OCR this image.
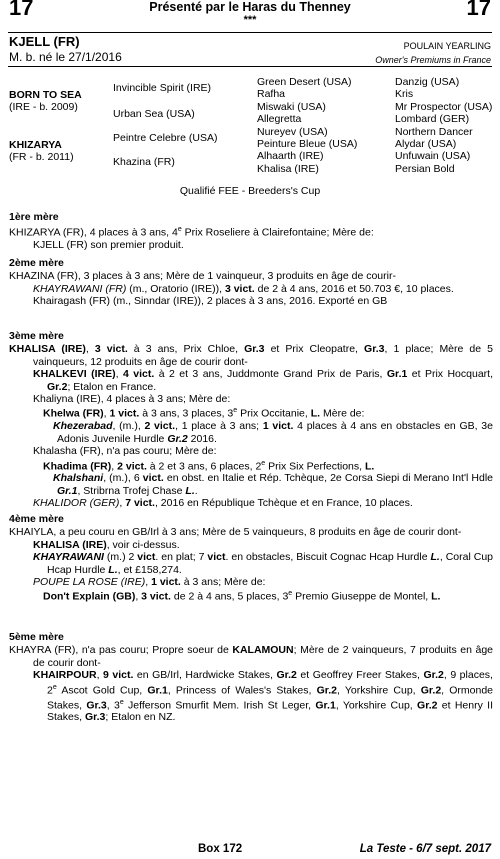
17	17
Présenté par le Haras du Thenney
***
KJELL (FR)
M. b. né le 27/1/2016
POULAIN YEARLING
Owner's Premiums in France
BORN TO SEA
(IRE - b. 2009)
KHIZARYA
(FR - b. 2011)
Invincible Spirit (IRE)
Urban Sea (USA)
Peintre Celebre (USA)
Khazina (FR)
Green Desert (USA)
Rafha
Miswaki (USA)
Allegretta
Nureyev (USA)
Peinture Bleue (USA)
Alhaarth (IRE)
Khalisa (IRE)
Danzig (USA)
Kris
Mr Prospector (USA)
Lombard (GER)
Northern Dancer
Alydar (USA)
Unfuwain (USA)
Persian Bold
Qualifié FEE - Breeders's Cup
1ère mère

KHIZARYA (FR), 4 places à 3 ans, 4e Prix Roseliere à Clairefontaine; Mère de:

KJELL (FR) son premier produit.

2ème mère

KHAZINA (FR), 3 places à 3 ans; Mère de 1 vainqueur, 3 produits en âge de courir-

KHAYRAWANI (FR) (m., Oratorio (IRE)), 3 vict. de 2 à 4 ans, 2016 et 50.703 €, 10 places.

Khairagash (FR) (m., Sinndar (IRE)), 2 places à 3 ans, 2016. Exporté en GB

3ème mère

KHALISA (IRE), 3 vict. à 3 ans, Prix Chloe, Gr.3 et Prix Cleopatre, Gr.3, 1 place; Mère de 5 vainqueurs, 12 produits en âge de courir dont-

KHALKEVI (IRE), 4 vict. à 2 et 3 ans, Juddmonte Grand Prix de Paris, Gr.1 et Prix Hocquart, Gr.2; Etalon en France.

Khaliyna (IRE), 4 places à 3 ans; Mère de:

Khelwa (FR), 1 vict. à 3 ans, 3 places, 3e Prix Occitanie, L. Mère de:

Khezerabad, (m.), 2 vict., 1 place à 3 ans; 1 vict. 4 places à 4 ans en obstacles en GB, 3e Adonis Juvenile Hurdle Gr.2 2016.

Khalasha (FR), n'a pas couru; Mère de:

Khadima (FR), 2 vict. à 2 et 3 ans, 6 places, 2e Prix Six Perfections, L.

Khalshani, (m.), 6 vict. en obst. en Italie et Rép. Tchèque, 2e Corsa Siepi di Merano Int'l Hdle Gr.1, Stribrna Trofej Chase L..

KHALIDOR (GER), 7 vict., 2016 en République Tchèque et en France, 10 places.

4ème mère

KHAIYLA, a peu couru en GB/Irl à 3 ans; Mère de 5 vainqueurs, 8 produits en âge de courir dont-

KHALISA (IRE), voir ci-dessus.

KHAYRAWANI (m.) 2 vict. en plat; 7 vict. en obstacles, Biscuit Cognac Hcap Hurdle L., Coral Cup Hcap Hurdle L., et £158,274.

POUPE LA ROSE (IRE), 1 vict. à 3 ans; Mère de:

Don't Explain (GB), 3 vict. de 2 à 4 ans, 5 places, 3e Premio Giuseppe de Montel, L.

5ème mère

KHAYRA (FR), n'a pas couru; Propre soeur de KALAMOUN; Mère de 2 vainqueurs, 7 produits en âge de courir dont-

KHAIRPOUR, 9 vict. en GB/Irl, Hardwicke Stakes, Gr.2 et Geoffrey Freer Stakes, Gr.2, 9 places, 2e Ascot Gold Cup, Gr.1, Princess of Wales's Stakes, Gr.2, Yorkshire Cup, Gr.2, Ormonde Stakes, Gr.3, 3e Jefferson Smurfit Mem. Irish St Leger, Gr.1, Yorkshire Cup, Gr.2 et Henry II Stakes, Gr.3; Etalon en NZ.

Box 172	La Teste - 6/7 sept. 2017
